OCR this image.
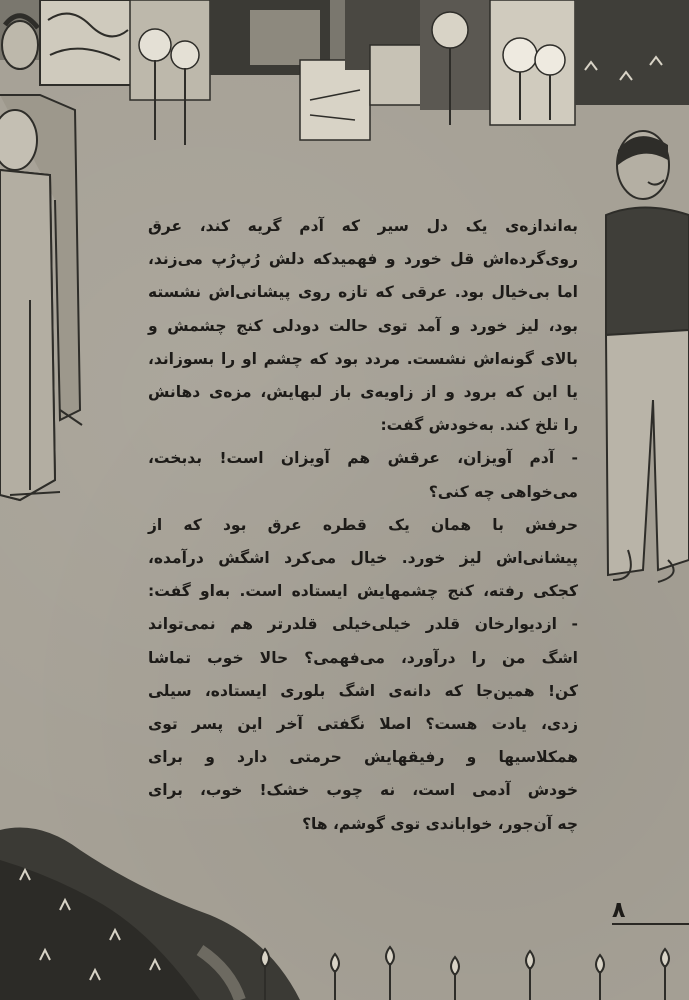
به‌اندازه‌ی یک دل سیر که آدم گریه کند، عرق
روی‌گرده‌اش قل خورد و فهمیدکه دلش رُپ‌رُپ می‌زند،
اما بی‌خیال بود. عرقی که تازه روی پیشانی‌اش نشسته
بود، لیز خورد و آمد توی حالت دودلی کنج چشمش و
بالای گونه‌اش نشست. مردد بود که چشم او را بسوزاند،
یا این که برود و از زاویه‌ی باز لبهایش، مزه‌ی دهانش
را تلخ کند. به‌خودش گفت:

- آدم آویزان، عرقش هم آویزان است! بدبخت،
می‌خواهی چه کنی؟

حرفش با همان یک قطره عرق بود که از
پیشانی‌اش لیز خورد. خیال می‌کرد اشگش درآمده،
کجکی رفته، کنج چشمهایش ایستاده است. به‌او گفت:

- ازدیوارخان قلدر خیلی‌خیلی قلدرتر هم نمی‌تواند
اشگ من را درآورد، می‌فهمی؟ حالا خوب تماشا
کن! همین‌جا که دانه‌ی اشگ بلوری ایستاده، سیلی
زدی، یادت هست؟ اصلا نگفتی آخر این پسر توی
همکلاسیها و رفیقهایش حرمتی دارد و برای
خودش آدمی است، نه چوب خشک! خوب، برای
چه آن‌جور، خواباندی توی گوشم، ها؟

۸
